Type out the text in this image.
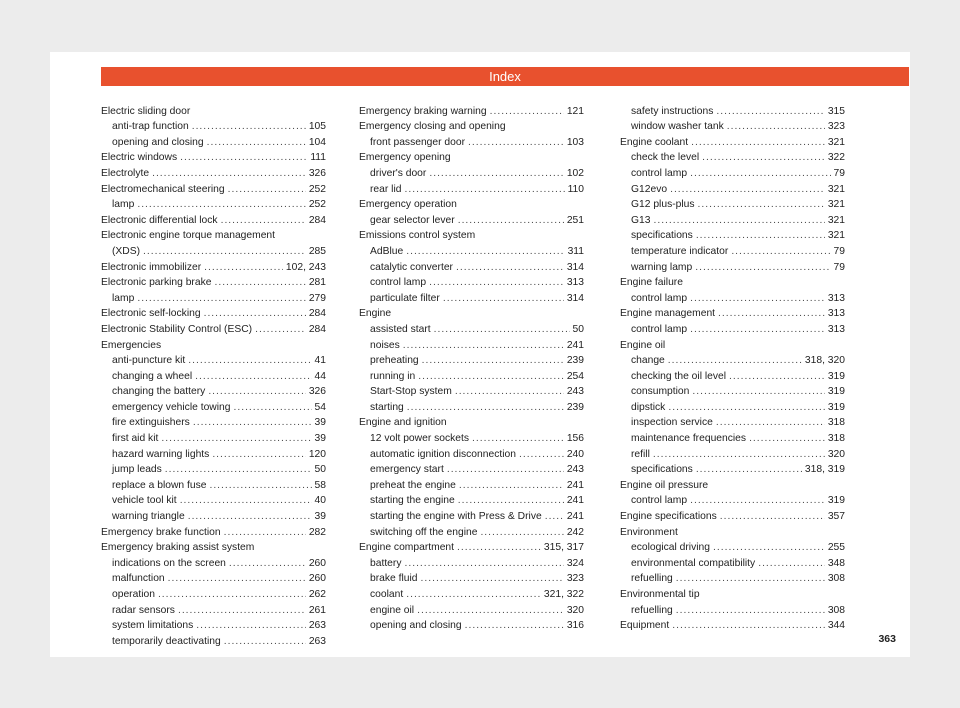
Index
Electric sliding door
anti-trap function .....	105
opening and closing .....	104
Electric windows .....	111
Electrolyte .....	326
Electromechanical steering .....	252
lamp .....	252
Electronic differential lock .....	284
Electronic engine torque management
(XDS) .....	285
Electronic immobilizer .....	102, 243
Electronic parking brake .....	281
lamp .....	279
Electronic self-locking .....	284
Electronic Stability Control (ESC) .....	284
Emergencies
anti-puncture kit .....	41
changing a wheel .....	44
changing the battery .....	326
emergency vehicle towing .....	54
fire extinguishers .....	39
first aid kit .....	39
hazard warning lights .....	120
jump leads .....	50
replace a blown fuse .....	58
vehicle tool kit .....	40
warning triangle .....	39
Emergency brake function .....	282
Emergency braking assist system
indications on the screen .....	260
malfunction .....	260
operation .....	262
radar sensors .....	261
system limitations .....	263
temporarily deactivating .....	263
Emergency braking warning .....	121
Emergency closing and opening
front passenger door .....	103
Emergency opening
driver's door .....	102
rear lid .....	110
Emergency operation
gear selector lever .....	251
Emissions control system
AdBlue .....	311
catalytic converter .....	314
control lamp .....	313
particulate filter .....	314
Engine
assisted start .....	50
noises .....	241
preheating .....	239
running in .....	254
Start-Stop system .....	243
starting .....	239
Engine and ignition
12 volt power sockets .....	156
automatic ignition disconnection .....	240
emergency start .....	243
preheat the engine .....	241
starting the engine .....	241
starting the engine with Press & Drive ..... 241
switching off the engine .....	242
Engine compartment .....	315, 317
battery .....	324
brake fluid .....	323
coolant .....	321, 322
engine oil .....	320
opening and closing .....	316
safety instructions .....	315
window washer tank .....	323
Engine coolant .....	321
check the level .....	322
control lamp .....	79
G12evo .....	321
G12 plus-plus .....	321
G13 .....	321
specifications .....	321
temperature indicator .....	79
warning lamp .....	79
Engine failure
control lamp .....	313
Engine management .....	313
control lamp .....	313
Engine oil
change .....	318, 320
checking the oil level .....	319
consumption .....	319
dipstick .....	319
inspection service .....	318
maintenance frequencies .....	318
refill .....	320
specifications .....	318, 319
Engine oil pressure
control lamp .....	319
Engine specifications .....	357
Environment
ecological driving .....	255
environmental compatibility .....	348
refuelling .....	308
Environmental tip
refuelling .....	308
Equipment .....	344
363
